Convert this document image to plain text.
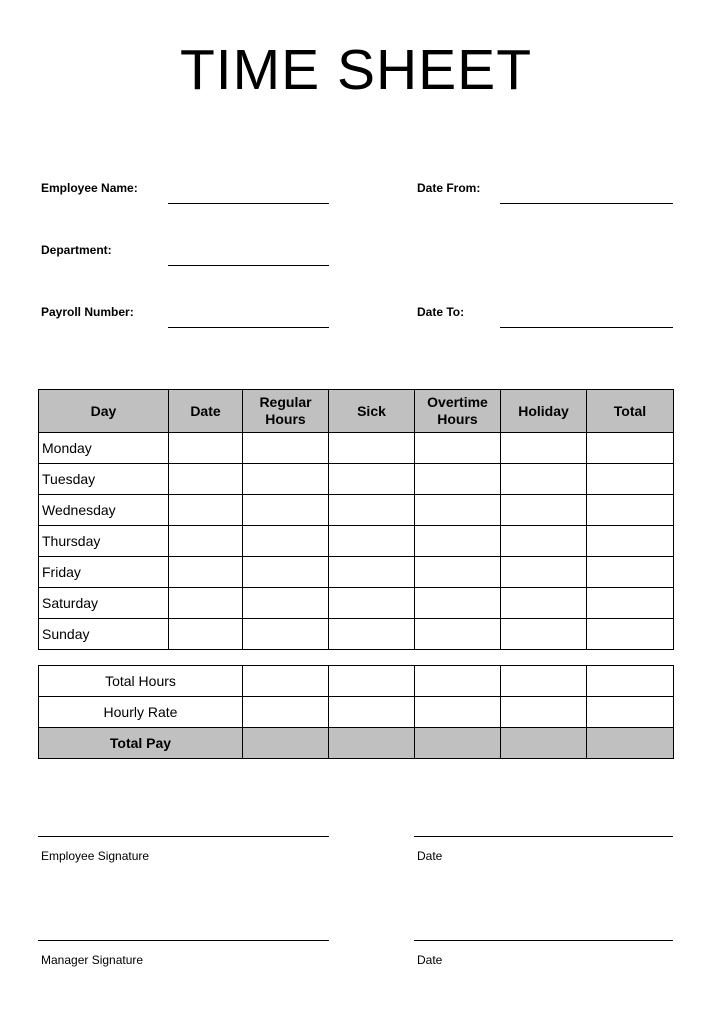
TIME SHEET
Employee Name:	Date From:
Department:
Payroll Number:	Date To:
Day	Date	Regular Hours	Sick	Overtime Hours	Holiday	Total
Monday						
Tuesday						
Wednesday						
Thursday						
Friday						
Saturday						
Sunday						
Total Hours					
Hourly Rate					
Total Pay					
Employee Signature	Date
Manager Signature	Date
